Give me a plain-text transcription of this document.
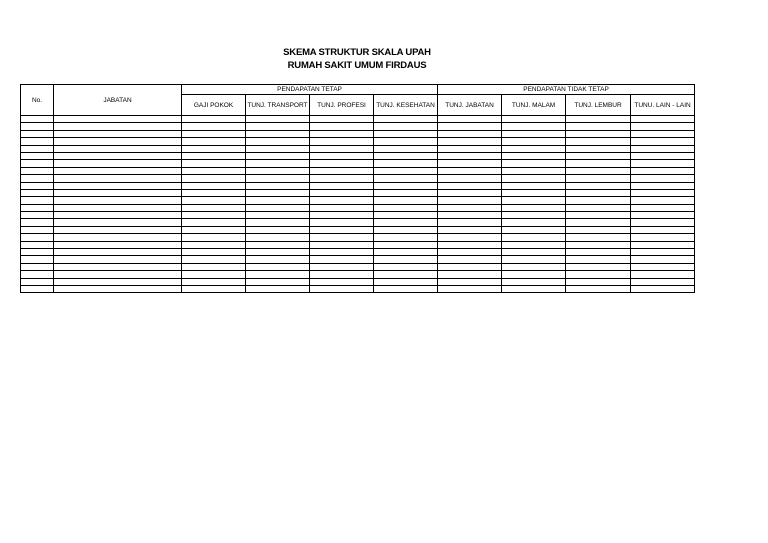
SKEMA STRUKTUR SKALA UPAH
RUMAH SAKIT UMUM FIRDAUS
No.	JABATAN	PENDAPATAN TETAP				PENDAPATAN TIDAK TETAP			
		GAJI POKOK	TUNJ. TRANSPORT	TUNJ. PROFESI	TUNJ. KESEHATAN	TUNJ. JABATAN	TUNJ. MALAM	TUNJ. LEMBUR	TUNU. LAIN - LAIN
